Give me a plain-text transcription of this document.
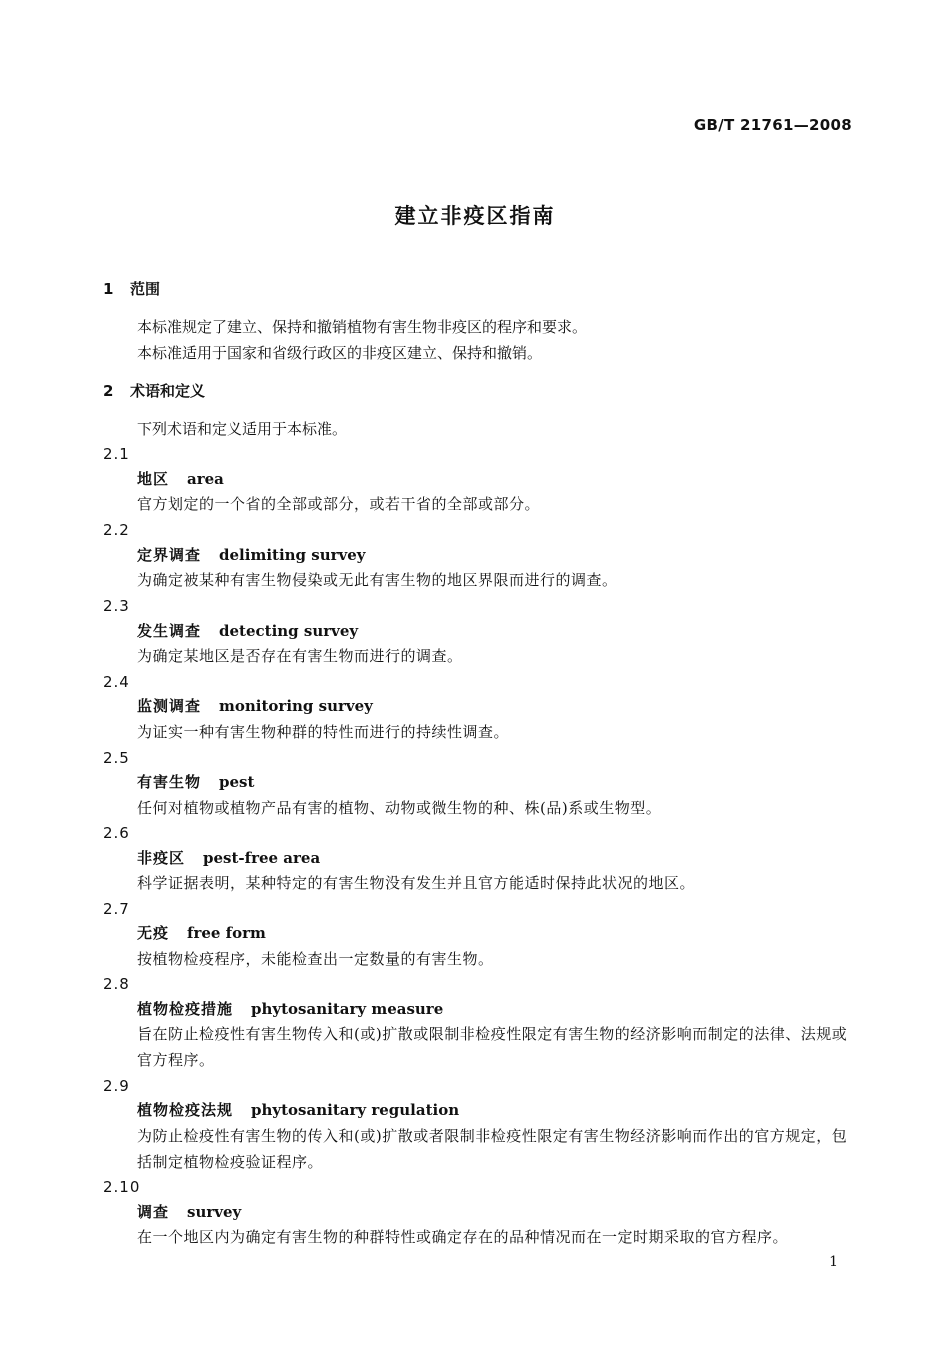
GB/T 21761—2008
建立非疫区指南
1 范围
本标准规定了建立、保持和撤销植物有害生物非疫区的程序和要求。
本标准适用于国家和省级行政区的非疫区建立、保持和撤销。
2 术语和定义
下列术语和定义适用于本标准。
2.1
地区 area
官方划定的一个省的全部或部分，或若干省的全部或部分。
2.2
定界调查 delimiting survey
为确定被某种有害生物侵染或无此有害生物的地区界限而进行的调查。
2.3
发生调查 detecting survey
为确定某地区是否存在有害生物而进行的调查。
2.4
监测调查 monitoring survey
为证实一种有害生物种群的特性而进行的持续性调查。
2.5
有害生物 pest
任何对植物或植物产品有害的植物、动物或微生物的种、株(品)系或生物型。
2.6
非疫区 pest-free area
科学证据表明，某种特定的有害生物没有发生并且官方能适时保持此状况的地区。
2.7
无疫 free form
按植物检疫程序，未能检查出一定数量的有害生物。
2.8
植物检疫措施 phytosanitary measure
旨在防止检疫性有害生物传入和(或)扩散或限制非检疫性限定有害生物的经济影响而制定的法律、法规或官方程序。
2.9
植物检疫法规 phytosanitary regulation
为防止检疫性有害生物的传入和(或)扩散或者限制非检疫性限定有害生物经济影响而作出的官方规定，包括制定植物检疫验证程序。
2.10
调查 survey
在一个地区内为确定有害生物的种群特性或确定存在的品种情况而在一定时期采取的官方程序。
1
